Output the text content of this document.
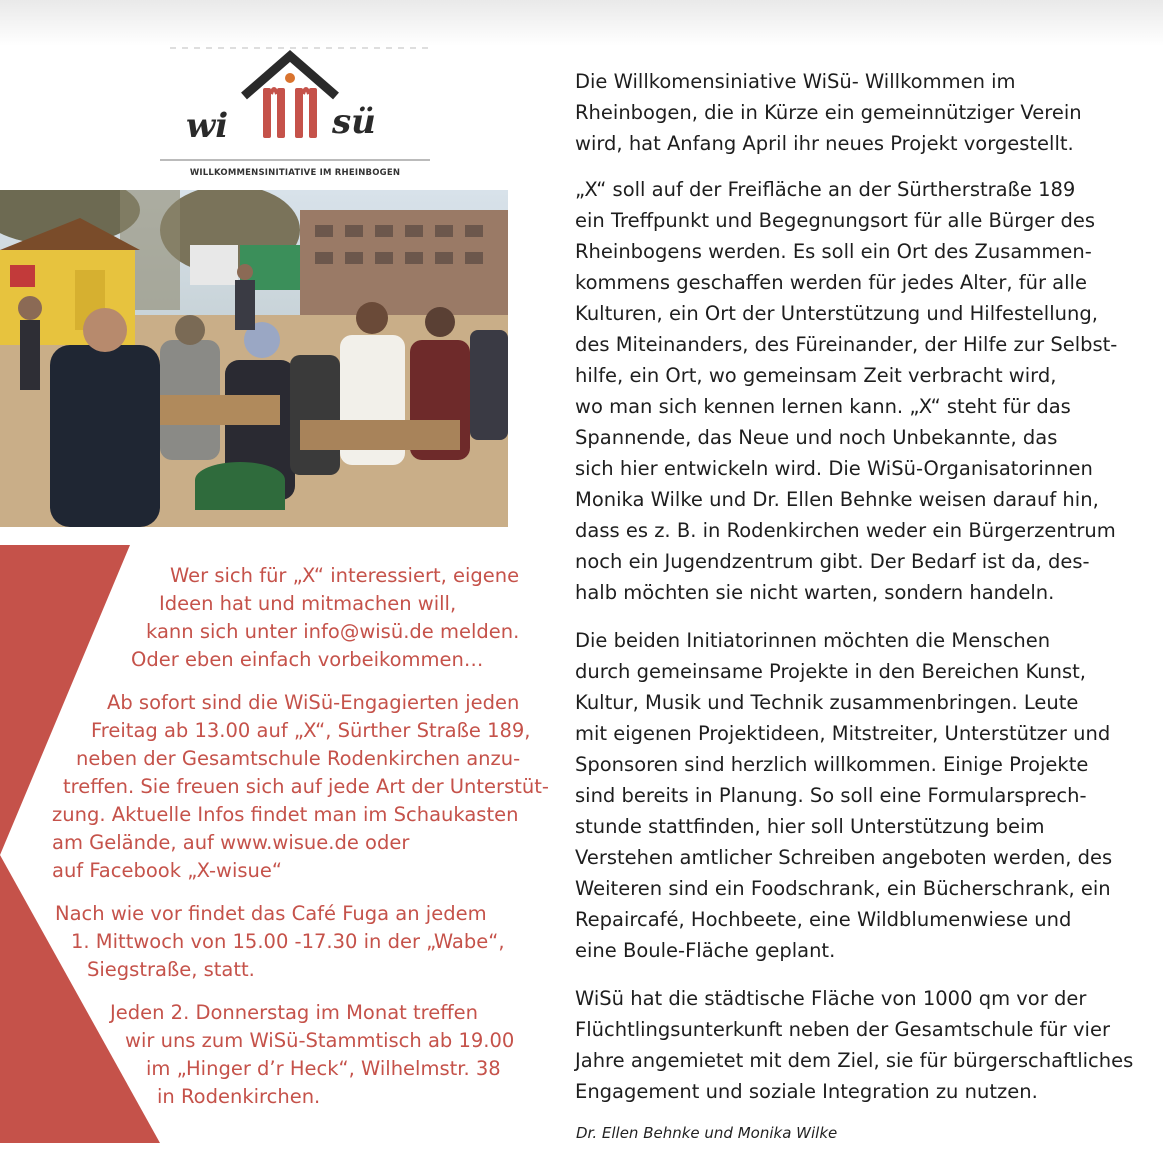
wi	sü
WILLKOMMENSINITIATIVE IM RHEINBOGEN
Wer sich für „X“ interessiert, eigene
Ideen hat und mitmachen will,
kann sich unter info@wisü.de melden.
Oder eben einfach vorbeikommen…
Ab sofort sind die WiSü-Engagierten jeden
Freitag ab 13.00 auf „X“, Sürther Straße 189,
neben der Gesamtschule Rodenkirchen anzu-
treffen. Sie freuen sich auf jede Art der Unterstüt-
zung. Aktuelle Infos findet man im Schaukasten
am Gelände, auf www.wisue.de oder
auf Facebook „X-wisue“
Nach wie vor findet das Café Fuga an jedem
1. Mittwoch von 15.00 -17.30 in der „Wabe“,
Siegstraße, statt.
Jeden 2. Donnerstag im Monat treffen
wir uns zum WiSü-Stammtisch ab 19.00
im „Hinger d’r Heck“, Wilhelmstr. 38
in Rodenkirchen.
Die Willkomensiniative WiSü- Willkommen im
Rheinbogen, die in Kürze ein gemeinnütziger Verein
wird, hat Anfang April ihr neues Projekt vorgestellt.
„X“ soll auf der Freifläche an der Sürtherstraße 189
ein Treffpunkt und Begegnungsort für alle Bürger des
Rheinbogens werden. Es soll ein Ort des Zusammen-
kommens geschaffen werden für jedes Alter, für alle
Kulturen, ein Ort der Unterstützung und Hilfestellung,
des Miteinanders, des Füreinander, der Hilfe zur Selbst-
hilfe, ein Ort, wo gemeinsam Zeit verbracht wird,
wo man sich kennen lernen kann. „X“ steht für das
Spannende, das Neue und noch Unbekannte, das
sich hier entwickeln wird. Die WiSü-Organisatorinnen
Monika Wilke und Dr. Ellen Behnke weisen darauf hin,
dass es z. B. in Rodenkirchen weder ein Bürgerzentrum
noch ein Jugendzentrum gibt. Der Bedarf ist da, des-
halb möchten sie nicht warten, sondern handeln.
Die beiden Initiatorinnen möchten die Menschen
durch gemeinsame Projekte in den Bereichen Kunst,
Kultur, Musik und Technik zusammenbringen. Leute
mit eigenen Projektideen, Mitstreiter, Unterstützer und
Sponsoren sind herzlich willkommen. Einige Projekte
sind bereits in Planung. So soll eine Formularsprech-
stunde stattfinden, hier soll Unterstützung beim
Verstehen amtlicher Schreiben angeboten werden, des
Weiteren sind ein Foodschrank, ein Bücherschrank, ein
Repaircafé, Hochbeete, eine Wildblumenwiese und
eine Boule-Fläche geplant.
WiSü hat die städtische Fläche von 1000 qm vor der
Flüchtlingsunterkunft neben der Gesamtschule für vier
Jahre angemietet mit dem Ziel, sie für bürgerschaftliches
Engagement und soziale Integration zu nutzen.
Dr. Ellen Behnke und Monika Wilke
